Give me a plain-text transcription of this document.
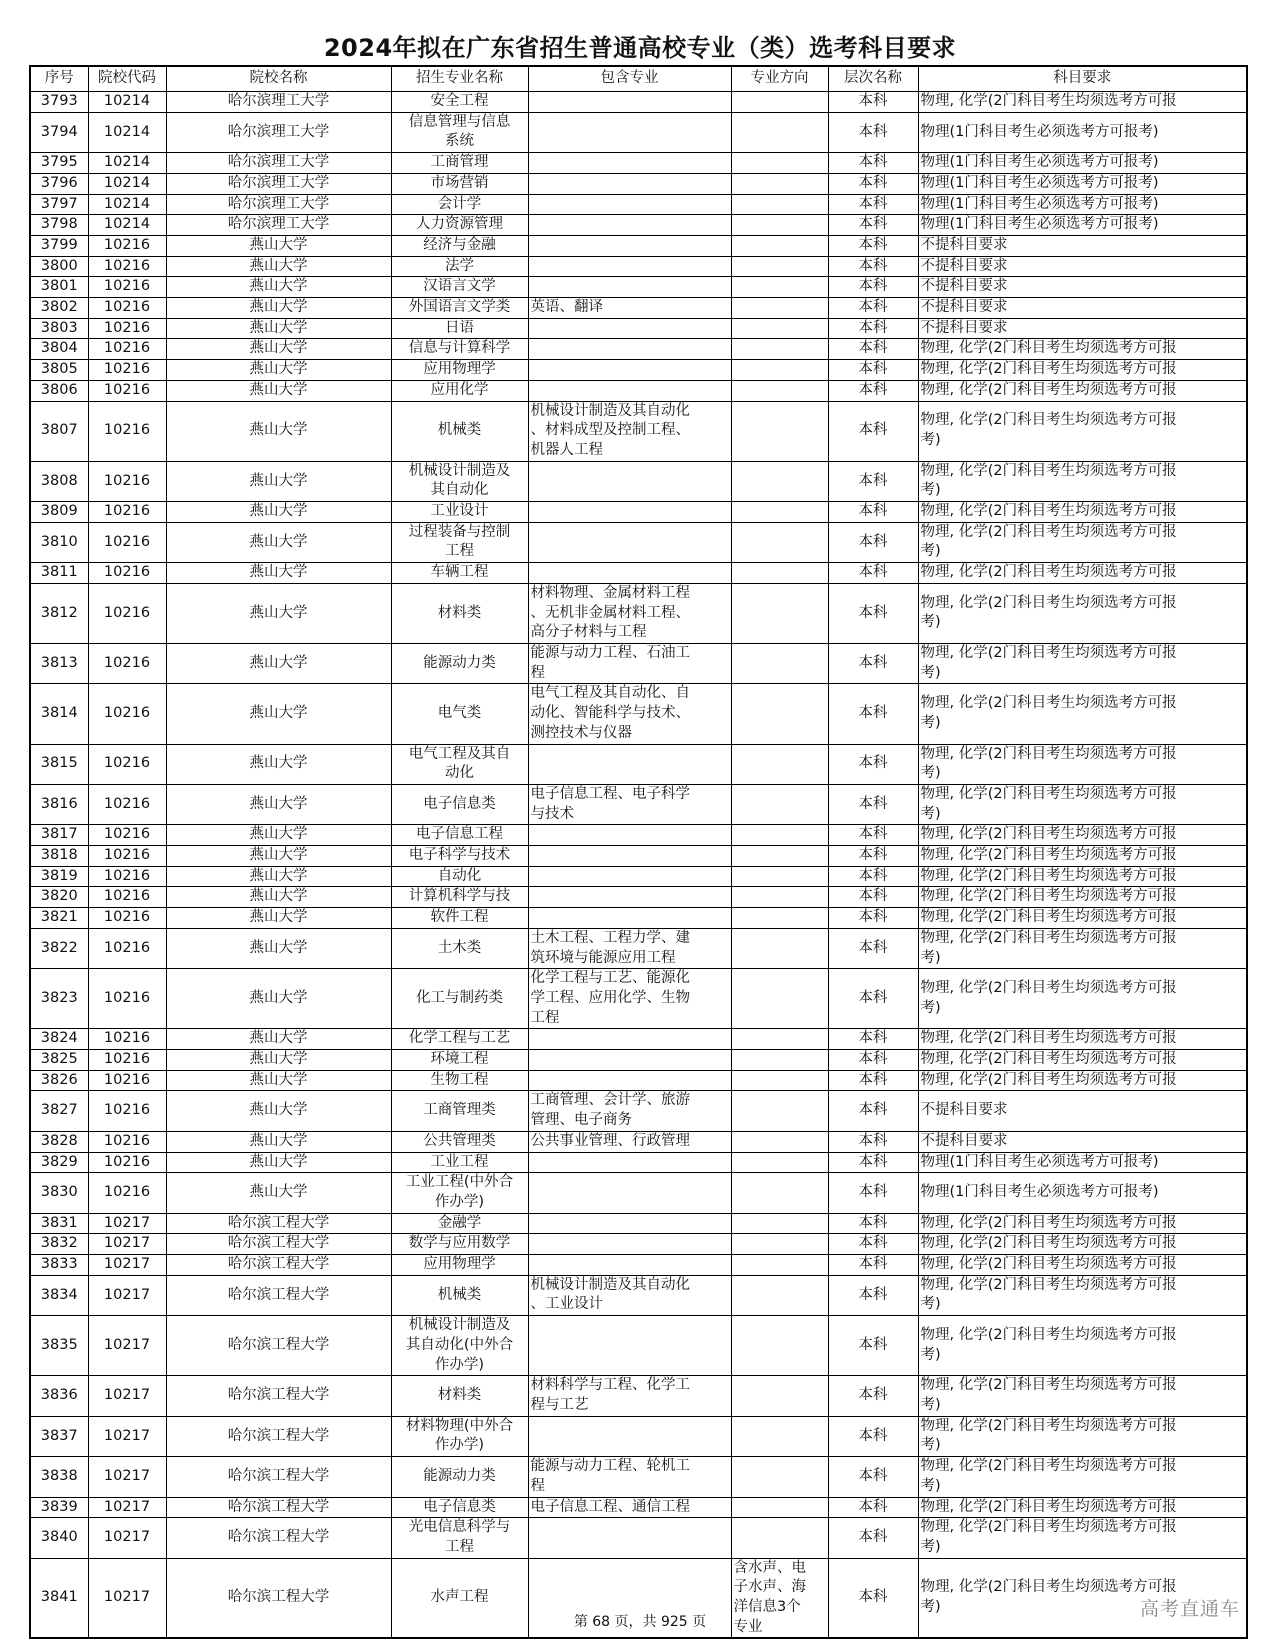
2024年拟在广东省招生普通高校专业（类）选考科目要求
序号	院校代码	院校名称	招生专业名称	包含专业	专业方向	层次名称	科目要求
3793	10214	哈尔滨理工大学	安全工程			本科	物理, 化学(2门科目考生均须选考方可报
3794	10214	哈尔滨理工大学	信息管理与信息
系统			本科	物理(1门科目考生必须选考方可报考)
3795	10214	哈尔滨理工大学	工商管理			本科	物理(1门科目考生必须选考方可报考)
3796	10214	哈尔滨理工大学	市场营销			本科	物理(1门科目考生必须选考方可报考)
3797	10214	哈尔滨理工大学	会计学			本科	物理(1门科目考生必须选考方可报考)
3798	10214	哈尔滨理工大学	人力资源管理			本科	物理(1门科目考生必须选考方可报考)
3799	10216	燕山大学	经济与金融			本科	不提科目要求
3800	10216	燕山大学	法学			本科	不提科目要求
3801	10216	燕山大学	汉语言文学			本科	不提科目要求
3802	10216	燕山大学	外国语言文学类	英语、翻译		本科	不提科目要求
3803	10216	燕山大学	日语			本科	不提科目要求
3804	10216	燕山大学	信息与计算科学			本科	物理, 化学(2门科目考生均须选考方可报
3805	10216	燕山大学	应用物理学			本科	物理, 化学(2门科目考生均须选考方可报
3806	10216	燕山大学	应用化学			本科	物理, 化学(2门科目考生均须选考方可报
3807	10216	燕山大学	机械类	机械设计制造及其自动化
、材料成型及控制工程、
机器人工程		本科	物理, 化学(2门科目考生均须选考方可报
考)
3808	10216	燕山大学	机械设计制造及
其自动化			本科	物理, 化学(2门科目考生均须选考方可报
考)
3809	10216	燕山大学	工业设计			本科	物理, 化学(2门科目考生均须选考方可报
3810	10216	燕山大学	过程装备与控制
工程			本科	物理, 化学(2门科目考生均须选考方可报
考)
3811	10216	燕山大学	车辆工程			本科	物理, 化学(2门科目考生均须选考方可报
3812	10216	燕山大学	材料类	材料物理、金属材料工程
、无机非金属材料工程、
高分子材料与工程		本科	物理, 化学(2门科目考生均须选考方可报
考)
3813	10216	燕山大学	能源动力类	能源与动力工程、石油工
程		本科	物理, 化学(2门科目考生均须选考方可报
考)
3814	10216	燕山大学	电气类	电气工程及其自动化、自
动化、智能科学与技术、
测控技术与仪器		本科	物理, 化学(2门科目考生均须选考方可报
考)
3815	10216	燕山大学	电气工程及其自
动化			本科	物理, 化学(2门科目考生均须选考方可报
考)
3816	10216	燕山大学	电子信息类	电子信息工程、电子科学
与技术		本科	物理, 化学(2门科目考生均须选考方可报
考)
3817	10216	燕山大学	电子信息工程			本科	物理, 化学(2门科目考生均须选考方可报
3818	10216	燕山大学	电子科学与技术			本科	物理, 化学(2门科目考生均须选考方可报
3819	10216	燕山大学	自动化			本科	物理, 化学(2门科目考生均须选考方可报
3820	10216	燕山大学	计算机科学与技			本科	物理, 化学(2门科目考生均须选考方可报
3821	10216	燕山大学	软件工程			本科	物理, 化学(2门科目考生均须选考方可报
3822	10216	燕山大学	土木类	土木工程、工程力学、建
筑环境与能源应用工程		本科	物理, 化学(2门科目考生均须选考方可报
考)
3823	10216	燕山大学	化工与制药类	化学工程与工艺、能源化
学工程、应用化学、生物
工程		本科	物理, 化学(2门科目考生均须选考方可报
考)
3824	10216	燕山大学	化学工程与工艺			本科	物理, 化学(2门科目考生均须选考方可报
3825	10216	燕山大学	环境工程			本科	物理, 化学(2门科目考生均须选考方可报
3826	10216	燕山大学	生物工程			本科	物理, 化学(2门科目考生均须选考方可报
3827	10216	燕山大学	工商管理类	工商管理、会计学、旅游
管理、电子商务		本科	不提科目要求
3828	10216	燕山大学	公共管理类	公共事业管理、行政管理		本科	不提科目要求
3829	10216	燕山大学	工业工程			本科	物理(1门科目考生必须选考方可报考)
3830	10216	燕山大学	工业工程(中外合
作办学)			本科	物理(1门科目考生必须选考方可报考)
3831	10217	哈尔滨工程大学	金融学			本科	物理, 化学(2门科目考生均须选考方可报
3832	10217	哈尔滨工程大学	数学与应用数学			本科	物理, 化学(2门科目考生均须选考方可报
3833	10217	哈尔滨工程大学	应用物理学			本科	物理, 化学(2门科目考生均须选考方可报
3834	10217	哈尔滨工程大学	机械类	机械设计制造及其自动化
、工业设计		本科	物理, 化学(2门科目考生均须选考方可报
考)
3835	10217	哈尔滨工程大学	机械设计制造及
其自动化(中外合
作办学)			本科	物理, 化学(2门科目考生均须选考方可报
考)
3836	10217	哈尔滨工程大学	材料类	材料科学与工程、化学工
程与工艺		本科	物理, 化学(2门科目考生均须选考方可报
考)
3837	10217	哈尔滨工程大学	材料物理(中外合
作办学)			本科	物理, 化学(2门科目考生均须选考方可报
考)
3838	10217	哈尔滨工程大学	能源动力类	能源与动力工程、轮机工
程		本科	物理, 化学(2门科目考生均须选考方可报
考)
3839	10217	哈尔滨工程大学	电子信息类	电子信息工程、通信工程		本科	物理, 化学(2门科目考生均须选考方可报
3840	10217	哈尔滨工程大学	光电信息科学与
工程			本科	物理, 化学(2门科目考生均须选考方可报
考)
3841	10217	哈尔滨工程大学	水声工程		含水声、电
子水声、海
洋信息3个
专业	本科	物理, 化学(2门科目考生均须选考方可报
考)
第 68 页，共 925 页
高考直通车
